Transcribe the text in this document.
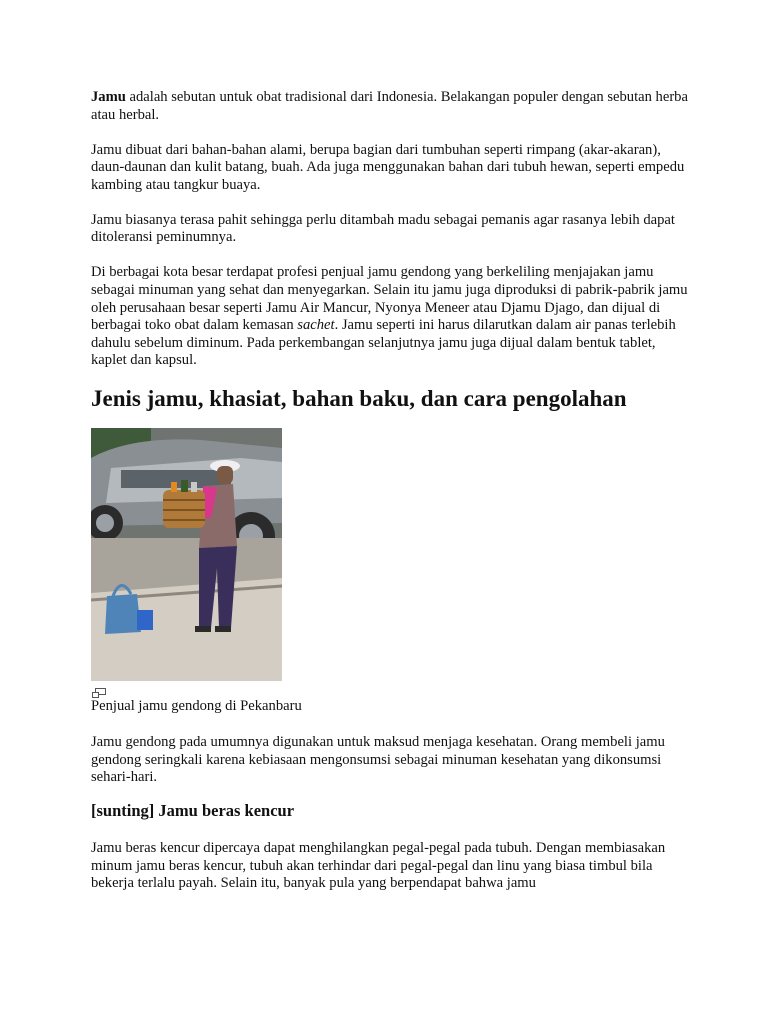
Jamu adalah sebutan untuk obat tradisional dari Indonesia. Belakangan populer dengan sebutan herba atau herbal.

Jamu dibuat dari bahan-bahan alami, berupa bagian dari tumbuhan seperti rimpang (akar-akaran), daun-daunan dan kulit batang, buah. Ada juga menggunakan bahan dari tubuh hewan, seperti empedu kambing atau tangkur buaya.

Jamu biasanya terasa pahit sehingga perlu ditambah madu sebagai pemanis agar rasanya lebih dapat ditoleransi peminumnya.

Di berbagai kota besar terdapat profesi penjual jamu gendong yang berkeliling menjajakan jamu sebagai minuman yang sehat dan menyegarkan. Selain itu jamu juga diproduksi di pabrik-pabrik jamu oleh perusahaan besar seperti Jamu Air Mancur, Nyonya Meneer atau Djamu Djago, dan dijual di berbagai toko obat dalam kemasan sachet. Jamu seperti ini harus dilarutkan dalam air panas terlebih dahulu sebelum diminum. Pada perkembangan selanjutnya jamu juga dijual dalam bentuk tablet, kaplet dan kapsul.

Jenis jamu, khasiat, bahan baku, dan cara pengolahan
Penjual jamu gendong di Pekanbaru

Jamu gendong pada umumnya digunakan untuk maksud menjaga kesehatan. Orang membeli jamu gendong seringkali karena kebiasaan mengonsumsi sebagai minuman kesehatan yang dikonsumsi sehari-hari.

[sunting] Jamu beras kencur

Jamu beras kencur dipercaya dapat menghilangkan pegal-pegal pada tubuh. Dengan membiasakan minum jamu beras kencur, tubuh akan terhindar dari pegal-pegal dan linu yang biasa timbul bila bekerja terlalu payah. Selain itu, banyak pula yang berpendapat bahwa jamu
